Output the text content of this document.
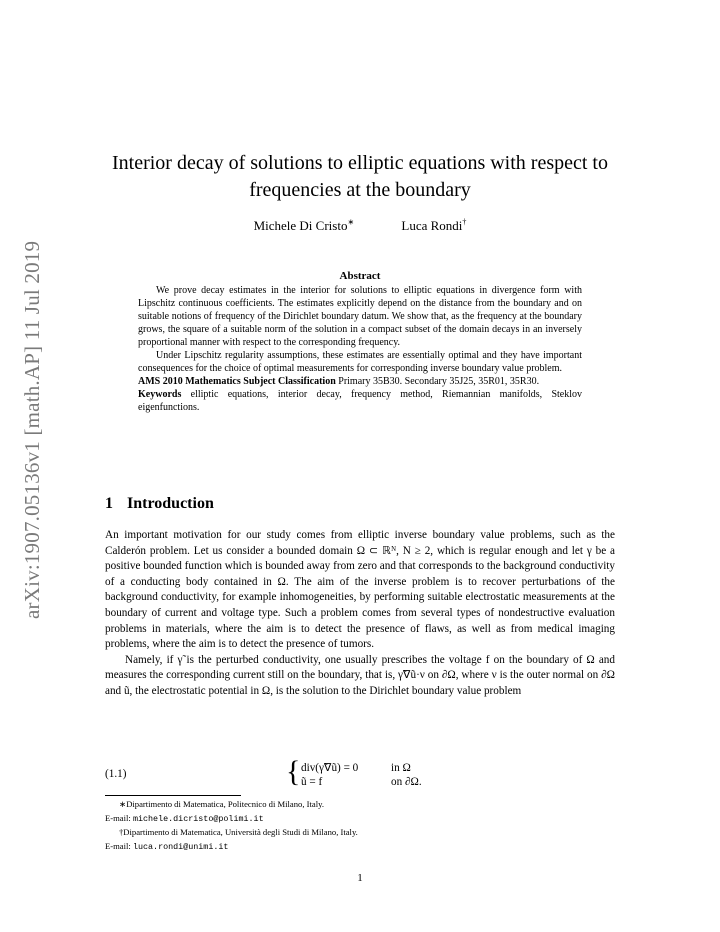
arXiv:1907.05136v1 [math.AP] 11 Jul 2019
Interior decay of solutions to elliptic equations with respect to frequencies at the boundary
Michele Di Cristo∗	Luca Rondi†
Abstract

We prove decay estimates in the interior for solutions to elliptic equations in divergence form with Lipschitz continuous coefficients. The estimates explicitly depend on the distance from the boundary and on suitable notions of frequency of the Dirichlet boundary datum. We show that, as the frequency at the boundary grows, the square of a suitable norm of the solution in a compact subset of the domain decays in an inversely proportional manner with respect to the corresponding frequency.

Under Lipschitz regularity assumptions, these estimates are essentially optimal and they have important consequences for the choice of optimal measurements for corresponding inverse boundary value problem.

AMS 2010 Mathematics Subject Classification Primary 35B30. Secondary 35J25, 35R01, 35R30.

Keywords elliptic equations, interior decay, frequency method, Riemannian manifolds, Steklov eigenfunctions.

1 Introduction

An important motivation for our study comes from elliptic inverse boundary value problems, such as the Calderón problem. Let us consider a bounded domain Ω ⊂ ℝᴺ, N ≥ 2, which is regular enough and let γ be a positive bounded function which is bounded away from zero and that corresponds to the background conductivity of a conducting body contained in Ω. The aim of the inverse problem is to recover perturbations of the background conductivity, for example inhomogeneities, by performing suitable electrostatic measurements at the boundary of current and voltage type. Such a problem comes from several types of nondestructive evaluation problems in materials, where the aim is to detect the presence of flaws, as well as from medical imaging problems, where the aim is to detect the presence of tumors.

Namely, if γ̃ is the perturbed conductivity, one usually prescribes the voltage f on the boundary of Ω and measures the corresponding current still on the boundary, that is, γ̃∇ũ·ν on ∂Ω, where ν is the outer normal on ∂Ω and ũ, the electrostatic potential in Ω, is the solution to the Dirichlet boundary value problem

(1.1)	{ div(γ̃∇ũ) = 0	in Ω
ũ = f	on ∂Ω.
∗Dipartimento di Matematica, Politecnico di Milano, Italy.
E-mail: michele.dicristo@polimi.it
†Dipartimento di Matematica, Università degli Studi di Milano, Italy.
E-mail: luca.rondi@unimi.it
1
